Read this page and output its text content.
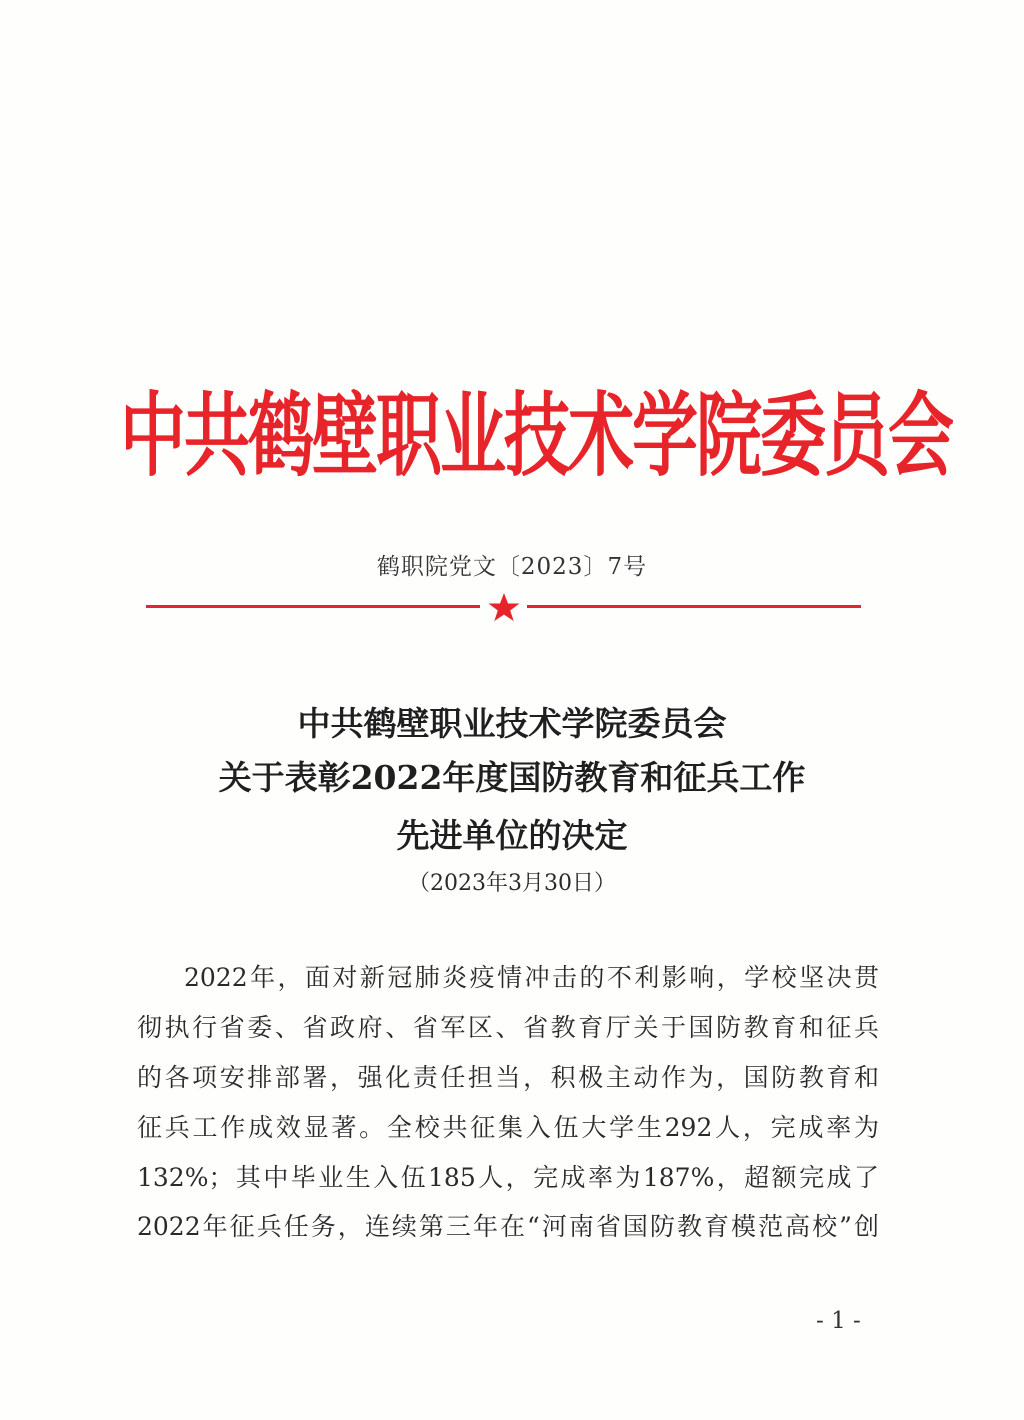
中共鹤壁职业技术学院委员会
鹤职院党文〔2023〕7号
中共鹤壁职业技术学院委员会
关于表彰2022年度国防教育和征兵工作
先进单位的决定
（2023年3月30日）
2022年，面对新冠肺炎疫情冲击的不利影响，学校坚决贯
彻执行省委、省政府、省军区、省教育厅关于国防教育和征兵
的各项安排部署，强化责任担当，积极主动作为，国防教育和
征兵工作成效显著。全校共征集入伍大学生292人，完成率为
132%；其中毕业生入伍185人，完成率为187%，超额完成了
2022年征兵任务，连续第三年在“河南省国防教育模范高校”创
- 1 -
